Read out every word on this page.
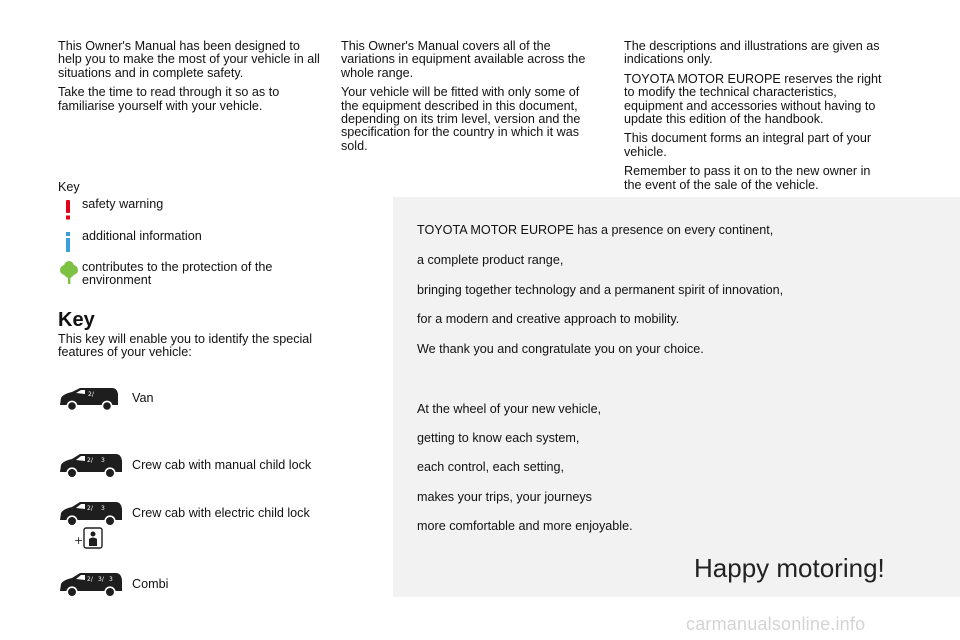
This Owner's Manual has been designed to help you to make the most of your vehicle in all situations and in complete safety.

Take the time to read through it so as to familiarise yourself with your vehicle.

This Owner's Manual covers all of the variations in equipment available across the whole range.

Your vehicle will be fitted with only some of the equipment described in this document, depending on its trim level, version and the specification for the country in which it was sold.

The descriptions and illustrations are given as indications only.

TOYOTA MOTOR EUROPE reserves the right to modify the technical characteristics, equipment and accessories without having to update this edition of the handbook.

This document forms an integral part of your vehicle.

Remember to pass it on to the new owner in the event of the sale of the vehicle.

Key
safety warning
additional information
contributes to the protection of the environment
Key
This key will enable you to identify the special features of your vehicle:
2/	Van
2/ 3 Crew cab with manual child lock
2/ 3
+
Crew cab with electric child lock
2/ 3/ 3 Combi
TOYOTA MOTOR EUROPE has a presence on every continent,
a complete product range,
bringing together technology and a permanent spirit of innovation,
for a modern and creative approach to mobility.
We thank you and congratulate you on your choice.
At the wheel of your new vehicle,
getting to know each system,
each control, each setting,
makes your trips, your journeys
more comfortable and more enjoyable.
Happy motoring!
carmanualsonline.info
